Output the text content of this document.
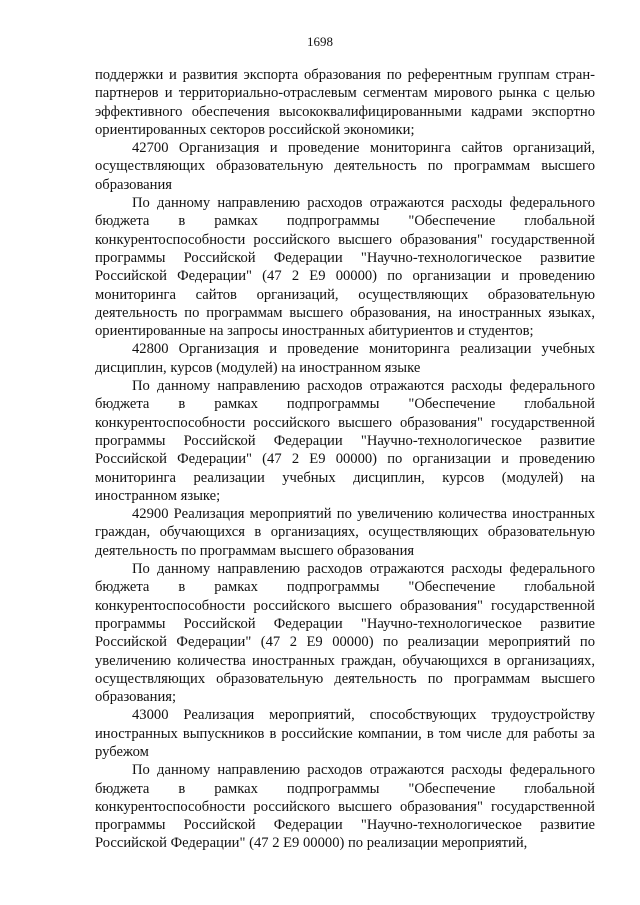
1698

поддержки и развития экспорта образования по референтным группам стран-партнеров и территориально-отраслевым сегментам мирового рынка с целью эффективного обеспечения высококвалифицированными кадрами экспортно ориентированных секторов российской экономики;

42700 Организация и проведение мониторинга сайтов организаций, осуществляющих образовательную деятельность по программам высшего образования

По данному направлению расходов отражаются расходы федерального бюджета в рамках подпрограммы "Обеспечение глобальной конкурентоспособности российского высшего образования" государственной программы Российской Федерации "Научно-технологическое развитие Российской Федерации" (47 2 Е9 00000) по организации и проведению мониторинга сайтов организаций, осуществляющих образовательную деятельность по программам высшего образования, на иностранных языках, ориентированные на запросы иностранных абитуриентов и студентов;

42800 Организация и проведение мониторинга реализации учебных дисциплин, курсов (модулей) на иностранном языке

По данному направлению расходов отражаются расходы федерального бюджета в рамках подпрограммы "Обеспечение глобальной конкурентоспособности российского высшего образования" государственной программы Российской Федерации "Научно-технологическое развитие Российской Федерации" (47 2 Е9 00000) по организации и проведению мониторинга реализации учебных дисциплин, курсов (модулей) на иностранном языке;

42900 Реализация мероприятий по увеличению количества иностранных граждан, обучающихся в организациях, осуществляющих образовательную деятельность по программам высшего образования

По данному направлению расходов отражаются расходы федерального бюджета в рамках подпрограммы "Обеспечение глобальной конкурентоспособности российского высшего образования" государственной программы Российской Федерации "Научно-технологическое развитие Российской Федерации" (47 2 Е9 00000) по реализации мероприятий по увеличению количества иностранных граждан, обучающихся в организациях, осуществляющих образовательную деятельность по программам высшего образования;

43000 Реализация мероприятий, способствующих трудоустройству иностранных выпускников в российские компании, в том числе для работы за рубежом

По данному направлению расходов отражаются расходы федерального бюджета в рамках подпрограммы "Обеспечение глобальной конкурентоспособности российского высшего образования" государственной программы Российской Федерации "Научно-технологическое развитие Российской Федерации" (47 2 Е9 00000) по реализации мероприятий,
